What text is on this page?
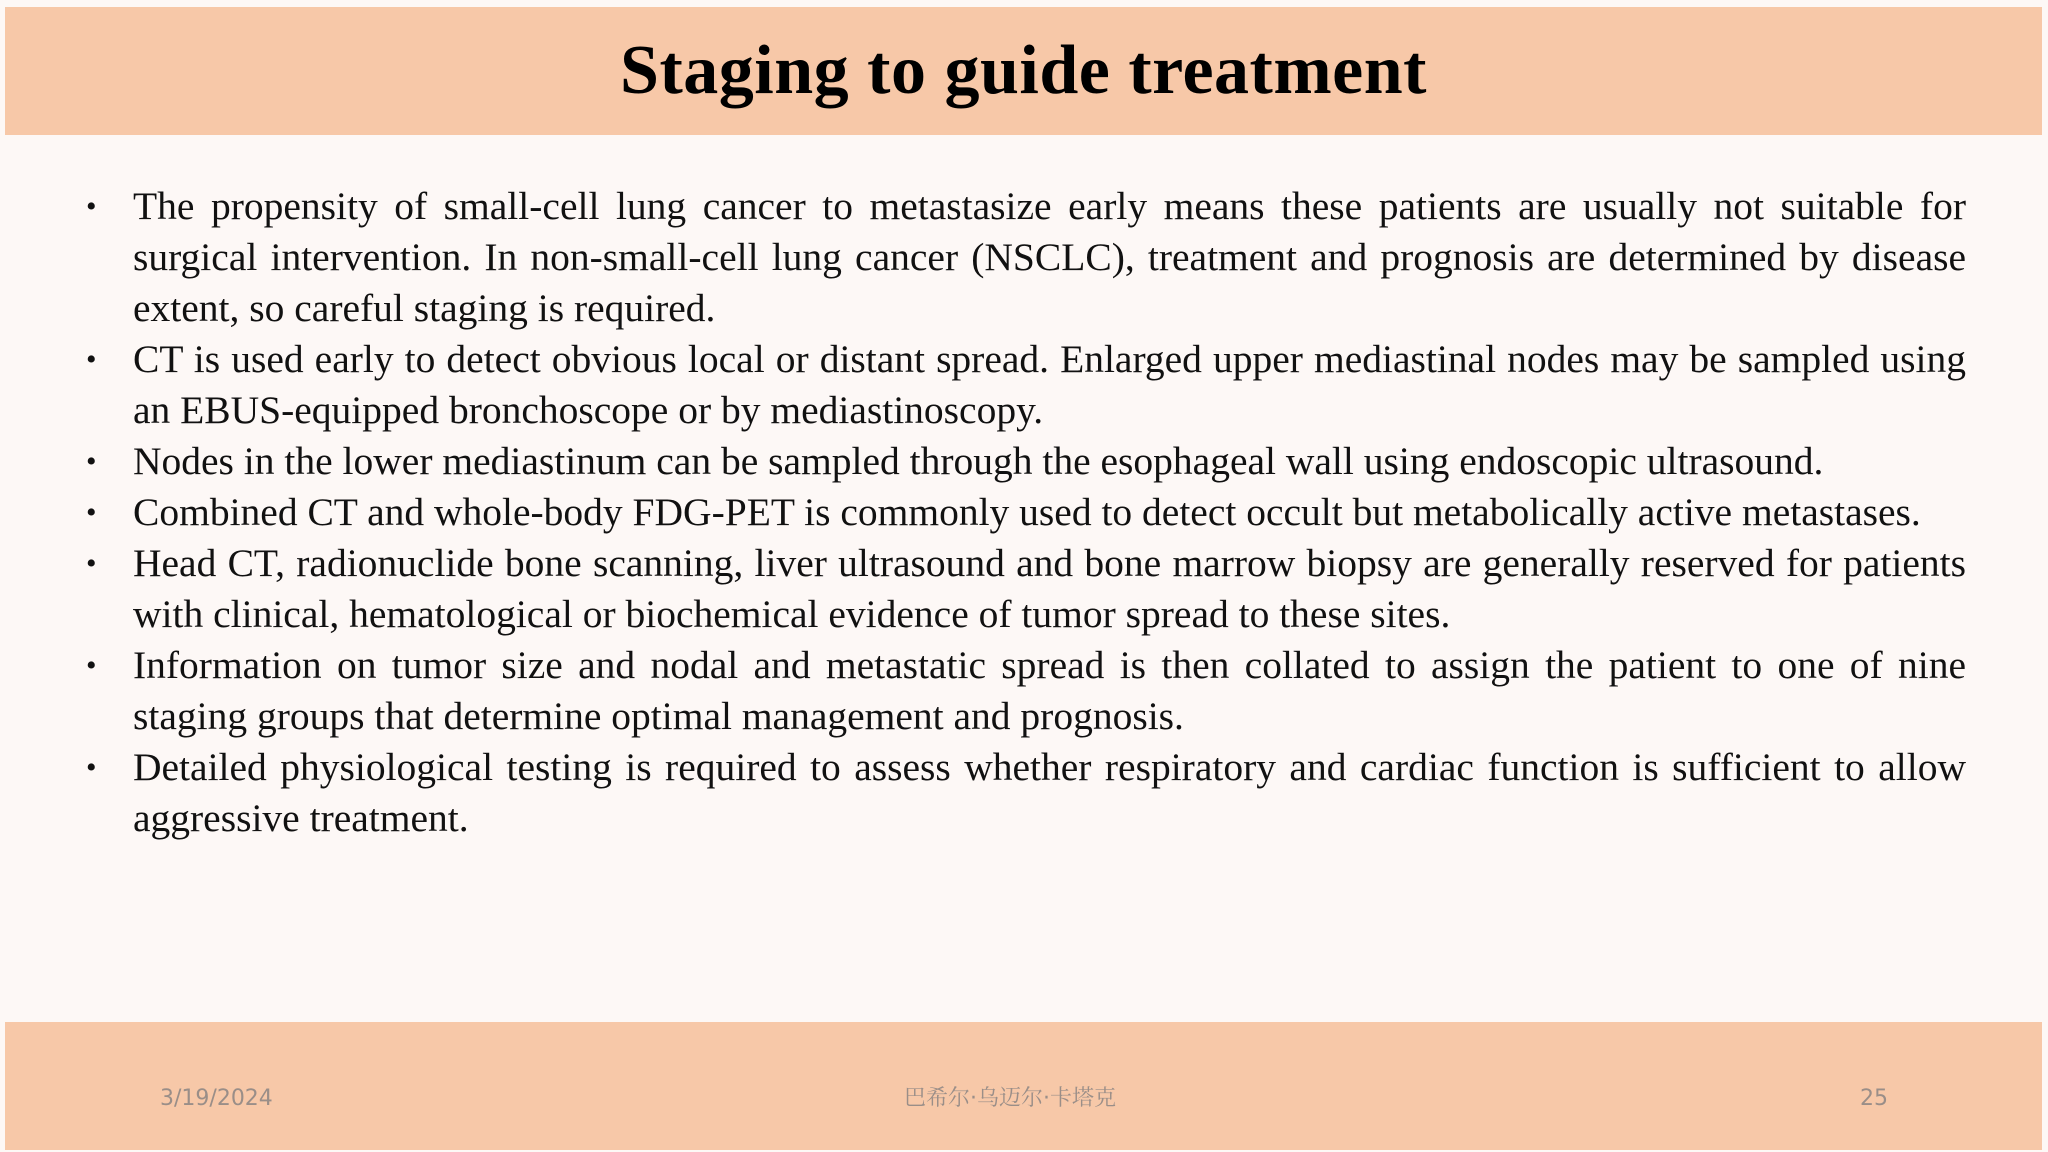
Staging to guide treatment
• The propensity of small-cell lung cancer to metastasize early means these patients are usually not suitable for surgical intervention. In non-small-cell lung cancer (NSCLC), treatment and prognosis are determined by disease extent, so careful staging is required.
• CT is used early to detect obvious local or distant spread. Enlarged upper mediastinal nodes may be sampled using an EBUS-equipped bronchoscope or by mediastinoscopy.
• Nodes in the lower mediastinum can be sampled through the esophageal wall using endoscopic ultrasound.
• Combined CT and whole-body FDG-PET is commonly used to detect occult but metabolically active metastases.
• Head CT, radionuclide bone scanning, liver ultrasound and bone marrow biopsy are generally reserved for patients with clinical, hematological or biochemical evidence of tumor spread to these sites.
• Information on tumor size and nodal and metastatic spread is then collated to assign the patient to one of nine staging groups that determine optimal management and prognosis.
• Detailed physiological testing is required to assess whether respiratory and cardiac function is sufficient to allow aggressive treatment.
3/19/2024	巴希尔·乌迈尔·卡塔克	25
